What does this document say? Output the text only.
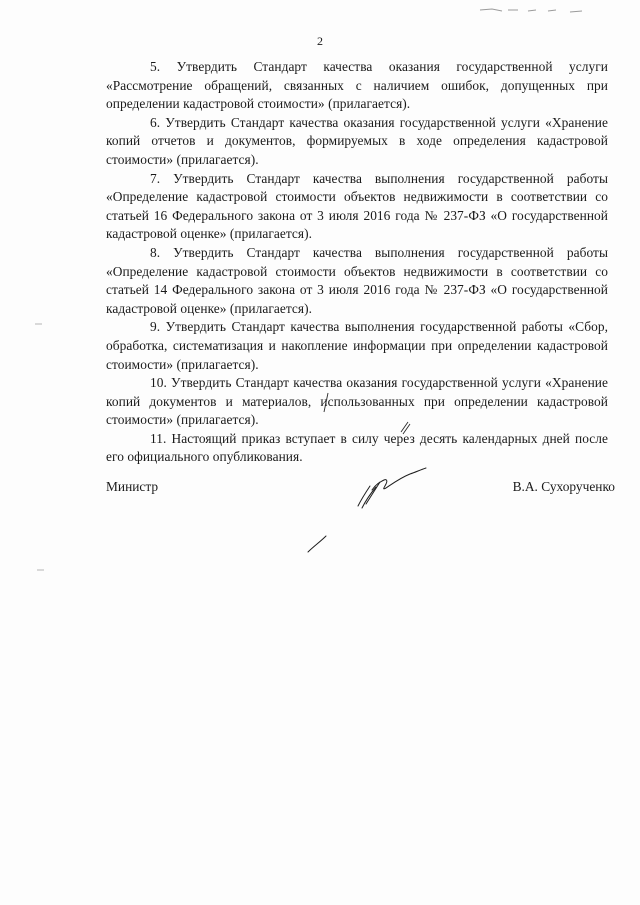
2

5. Утвердить Стандарт качества оказания государственной услуги «Рассмотрение обращений, связанных с наличием ошибок, допущенных при определении кадастровой стоимости» (прилагается).

6. Утвердить Стандарт качества оказания государственной услуги «Хранение копий отчетов и документов, формируемых в ходе определения кадастровой стоимости» (прилагается).

7. Утвердить Стандарт качества выполнения государственной работы «Определение кадастровой стоимости объектов недвижимости в соответствии со статьей 16 Федерального закона от 3 июля 2016 года № 237-ФЗ «О государственной кадастровой оценке» (прилагается).

8. Утвердить Стандарт качества выполнения государственной работы «Определение кадастровой стоимости объектов недвижимости в соответствии со статьей 14 Федерального закона от 3 июля 2016 года № 237-ФЗ «О государственной кадастровой оценке» (прилагается).

9. Утвердить Стандарт качества выполнения государственной работы «Сбор, обработка, систематизация и накопление информации при определении кадастровой стоимости» (прилагается).

10. Утвердить Стандарт качества оказания государственной услуги «Хранение копий документов и материалов, использованных при определении кадастровой стоимости» (прилагается).

11. Настоящий приказ вступает в силу через десять календарных дней после его официального опубликования.

Министр	В.А. Сухорученко
